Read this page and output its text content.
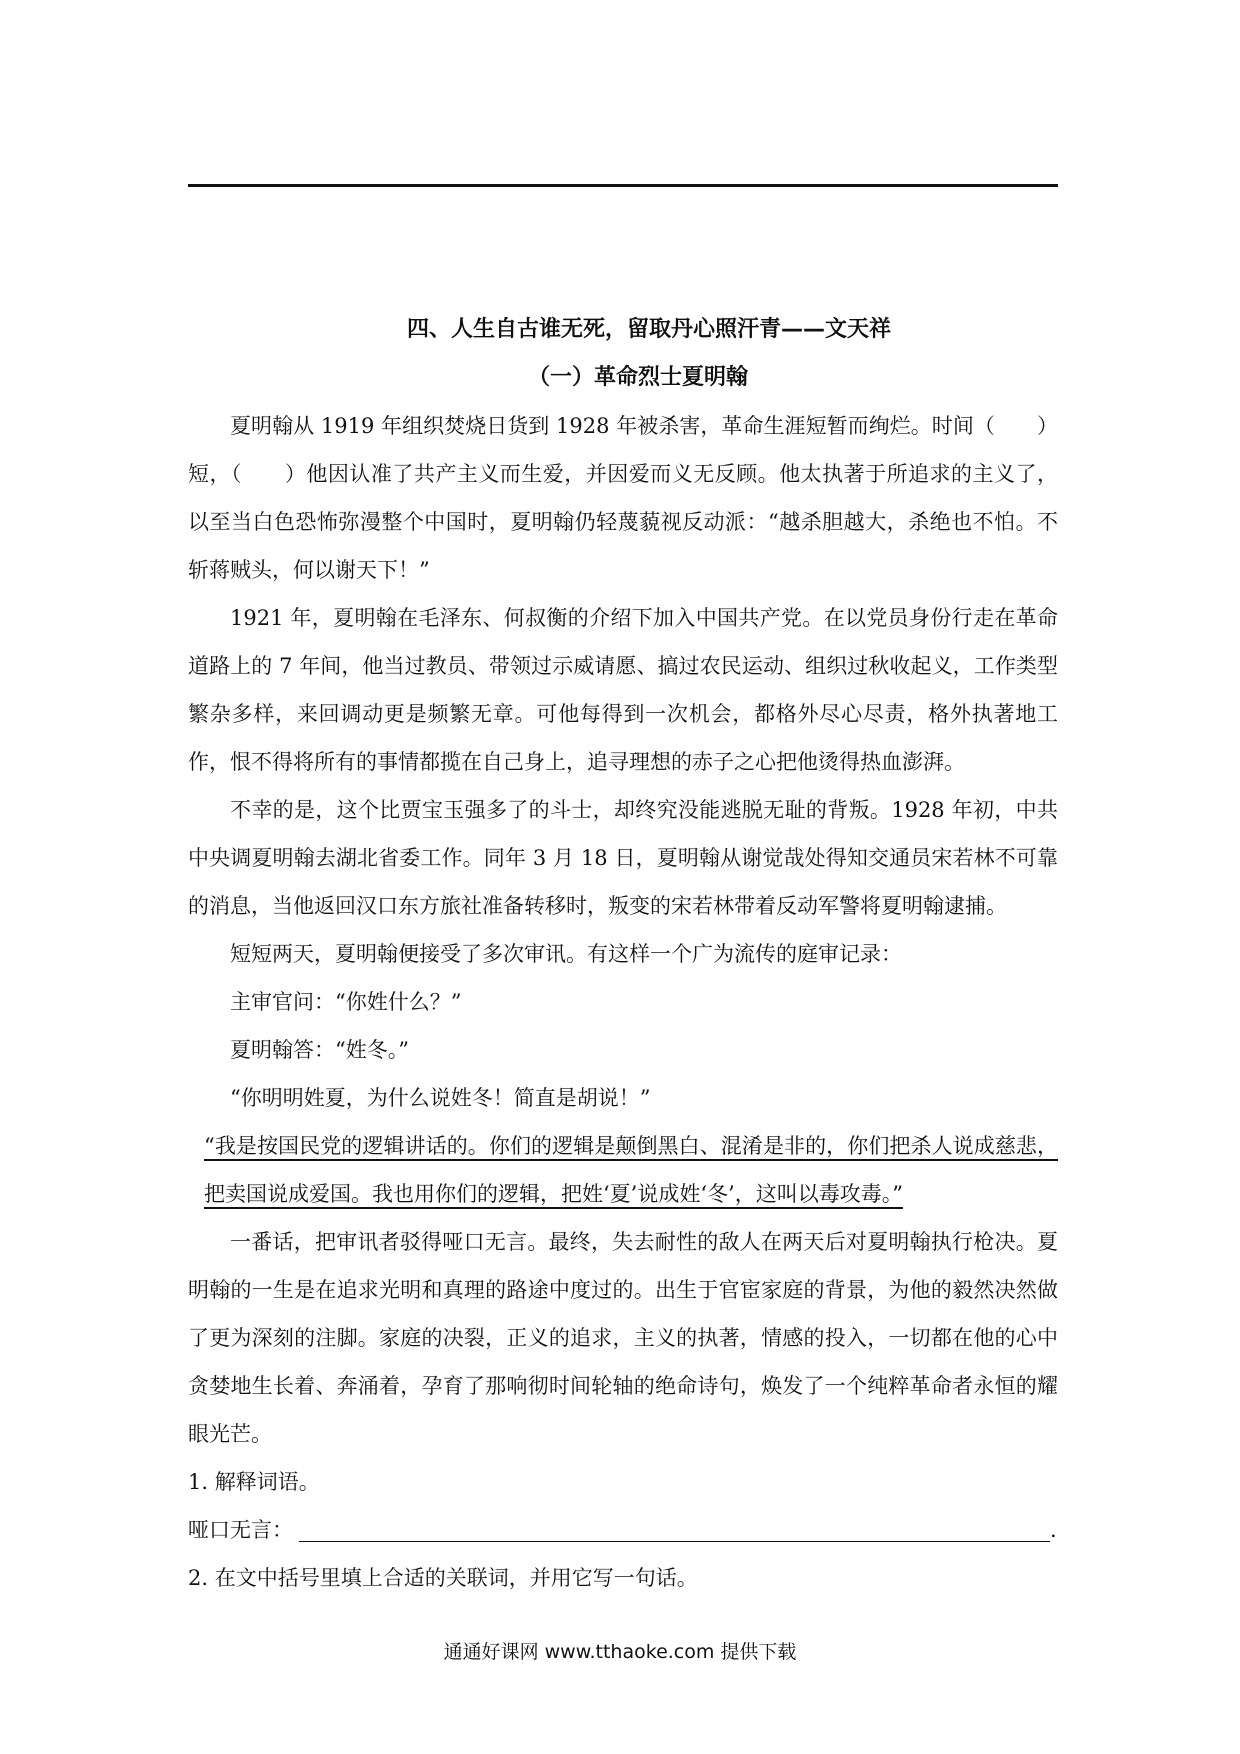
四、人生自古谁无死，留取丹心照汗青——文天祥
（一）革命烈士夏明翰

夏明翰从 1919 年组织焚烧日货到 1928 年被杀害，革命生涯短暂而绚烂。时间（　　）短，（　　）他因认准了共产主义而生爱，并因爱而义无反顾。他太执著于所追求的主义了，以至当白色恐怖弥漫整个中国时，夏明翰仍轻蔑藐视反动派：“越杀胆越大，杀绝也不怕。不斩蒋贼头，何以谢天下！”

1921 年，夏明翰在毛泽东、何叔衡的介绍下加入中国共产党。在以党员身份行走在革命道路上的 7 年间，他当过教员、带领过示威请愿、搞过农民运动、组织过秋收起义，工作类型繁杂多样，来回调动更是频繁无章。可他每得到一次机会，都格外尽心尽责，格外执著地工作，恨不得将所有的事情都揽在自己身上，追寻理想的赤子之心把他烫得热血澎湃。

不幸的是，这个比贾宝玉强多了的斗士，却终究没能逃脱无耻的背叛。1928 年初，中共中央调夏明翰去湖北省委工作。同年 3 月 18 日，夏明翰从谢觉哉处得知交通员宋若林不可靠的消息，当他返回汉口东方旅社准备转移时，叛变的宋若林带着反动军警将夏明翰逮捕。

短短两天，夏明翰便接受了多次审讯。有这样一个广为流传的庭审记录：

主审官问：“你姓什么？”

夏明翰答：“姓冬。”

“你明明姓夏，为什么说姓冬！简直是胡说！”

“我是按国民党的逻辑讲话的。你们的逻辑是颠倒黑白、混淆是非的，你们把杀人说成慈悲，把卖国说成爱国。我也用你们的逻辑，把姓‘夏’说成姓‘冬’，这叫以毒攻毒。”

一番话，把审讯者驳得哑口无言。最终，失去耐性的敌人在两天后对夏明翰执行枪决。夏明翰的一生是在追求光明和真理的路途中度过的。出生于官宦家庭的背景，为他的毅然决然做了更为深刻的注脚。家庭的决裂，正义的追求，主义的执著，情感的投入，一切都在他的心中贪婪地生长着、奔涌着，孕育了那响彻时间轮轴的绝命诗句，焕发了一个纯粹革命者永恒的耀眼光芒。

1. 解释词语。

哑口无言：	.

2. 在文中括号里填上合适的关联词，并用它写一句话。

通通好课网 www.tthaoke.com 提供下载
